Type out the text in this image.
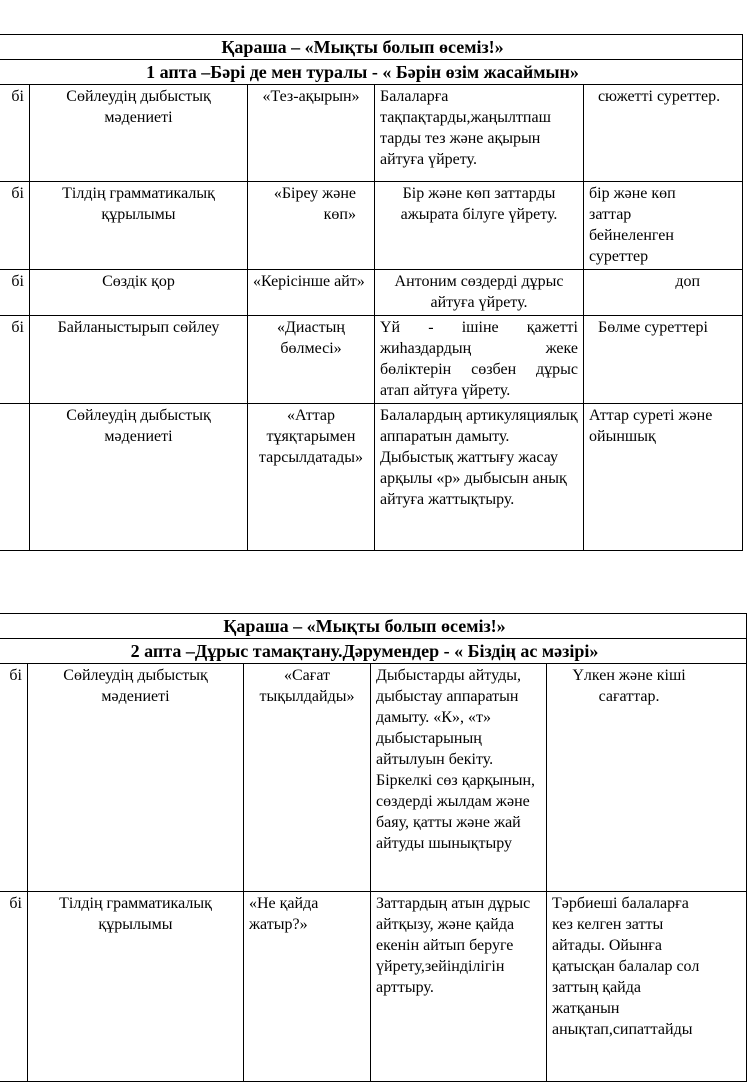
Қараша – «Мықты болып өсеміз!»				
1 апта –Бәрі де мен туралы - « Бәрін өзім жасаймын»				
бі	Сөйлеудің дыбыстық мәдениеті	«Тез-ақырын»	Балаларға тақпақтарды,жаңылтпаш тарды тез және ақырын айтуға үйрету.	сюжетті суреттер.
бі	Тілдің грамматикалық құрылымы	«Біреу және көп»	Бір және көп заттарды ажырата білуге үйрету.	бір және көп заттар бейнеленген суреттер
бі	Сөздік қор	«Керісінше айт»	Антоним сөздерді дұрыс айтуға үйрету.	доп
бі	Байланыстырып сөйлеу	«Диастың бөлмесі»	Үй - ішіне қажетті жиһаздардың жеке бөліктерін сөзбен дұрыс атап айтуға үйрету.	Бөлме суреттері
	Сөйлеудің дыбыстық мәдениеті	«Аттар тұяқтарымен тарсылдатады»	Балалардың артикуляциялық аппаратын дамыту. Дыбыстық жаттығу жасау арқылы «р» дыбысын анық айтуға жаттықтыру.	Аттар суреті және ойыншық
Қараша – «Мықты болып өсеміз!»				
2 апта –Дұрыс тамақтану.Дәрумендер - « Біздің ас мәзірі»				
бі	Сөйлеудің дыбыстық мәдениеті	«Сағат тықылдайды»	Дыбыстарды айтуды, дыбыстау аппаратын дамыту. «К», «т» дыбыстарының айтылуын бекіту. Біркелкі сөз қарқынын, сөздерді жылдам және баяу, қатты және жай айтуды шынықтыру	Үлкен және кіші сағаттар.
бі	Тілдің грамматикалық құрылымы	«Не қайда жатыр?»	Заттардың атын дұрыс айтқызу, және қайда екенін айтып беруге үйрету,зейінділігін арттыру.	Тәрбиеші балаларға кез келген затты айтады. Ойынға қатысқан балалар сол заттың қайда жатқанын анықтап,сипаттайды
